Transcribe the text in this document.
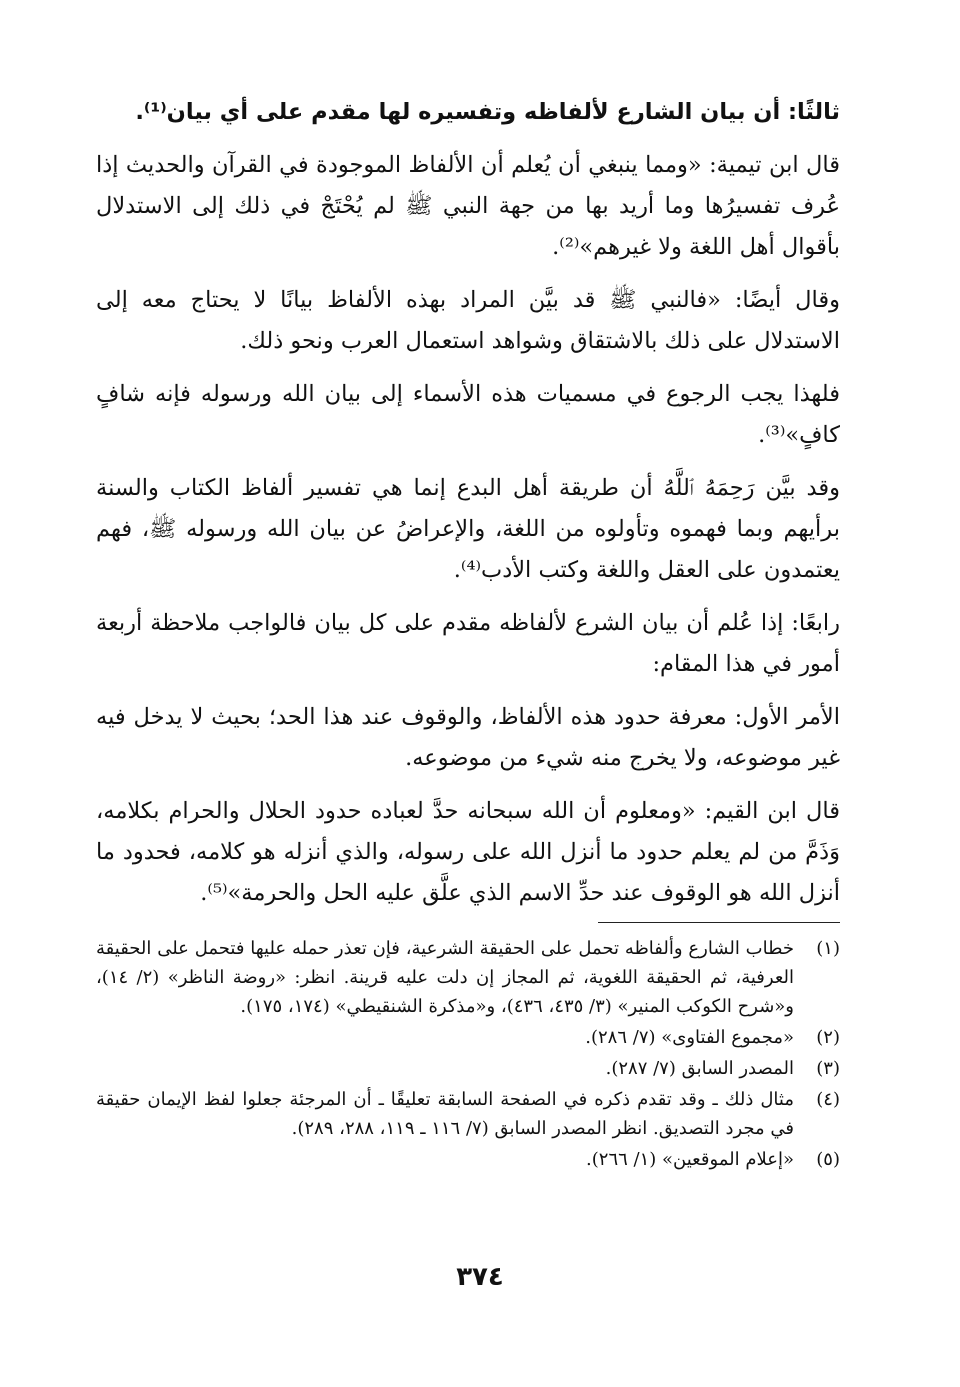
ثالثًا: أن بيان الشارع لألفاظه وتفسيره لها مقدم على أي بيان⁽¹⁾.

قال ابن تيمية: «ومما ينبغي أن يُعلم أن الألفاظ الموجودة في القرآن والحديث إذا عُرف تفسيرُها وما أريد بها من جهة النبي ﷺ لم يُحْتَجْ في ذلك إلى الاستدلال بأقوال أهل اللغة ولا غيرهم»⁽²⁾.

وقال أيضًا: «فالنبي ﷺ قد بيَّن المراد بهذه الألفاظ بيانًا لا يحتاج معه إلى الاستدلال على ذلك بالاشتقاق وشواهد استعمال العرب ونحو ذلك.

فلهذا يجب الرجوع في مسميات هذه الأسماء إلى بيان الله ورسوله فإنه شافٍ كافٍ»⁽³⁾.

وقد بيَّن رَحِمَهُ ٱللَّهُ أن طريقة أهل البدع إنما هي تفسير ألفاظ الكتاب والسنة برأيهم وبما فهموه وتأولوه من اللغة، والإعراضُ عن بيان الله ورسوله ﷺ، فهم يعتمدون على العقل واللغة وكتب الأدب⁽⁴⁾.

رابعًا: إذا عُلم أن بيان الشرع لألفاظه مقدم على كل بيان فالواجب ملاحظة أربعة أمور في هذا المقام:

الأمر الأول: معرفة حدود هذه الألفاظ، والوقوف عند هذا الحد؛ بحيث لا يدخل فيه غير موضوعه، ولا يخرج منه شيء من موضوعه.

قال ابن القيم: «ومعلوم أن الله سبحانه حدَّ لعباده حدود الحلال والحرام بكلامه، وَذَمَّ من لم يعلم حدود ما أنزل الله على رسوله، والذي أنزله هو كلامه، فحدود ما أنزل الله هو الوقوف عند حدِّ الاسم الذي علَّق عليه الحل والحرمة»⁽⁵⁾.

(١)
خطاب الشارع وألفاظه تحمل على الحقيقة الشرعية، فإن تعذر حمله عليها فتحمل على الحقيقة العرفية، ثم الحقيقة اللغوية، ثم المجاز إن دلت عليه قرينة. انظر: «روضة الناظر» (٢/ ١٤)، و«شرح الكوكب المنير» (٣/ ٤٣٥، ٤٣٦)، و«مذكرة الشنقيطي» (١٧٤، ١٧٥).
(٢)
«مجموع الفتاوى» (٧/ ٢٨٦).
(٣)
المصدر السابق (٧/ ٢٨٧).
(٤)
مثال ذلك ـ وقد تقدم ذكره في الصفحة السابقة تعليقًا ـ أن المرجئة جعلوا لفظ الإيمان حقيقة في مجرد التصديق. انظر المصدر السابق (٧/ ١١٦ ـ ١١٩، ٢٨٨، ٢٨٩).
(٥)
«إعلام الموقعين» (١/ ٢٦٦).
٣٧٤
